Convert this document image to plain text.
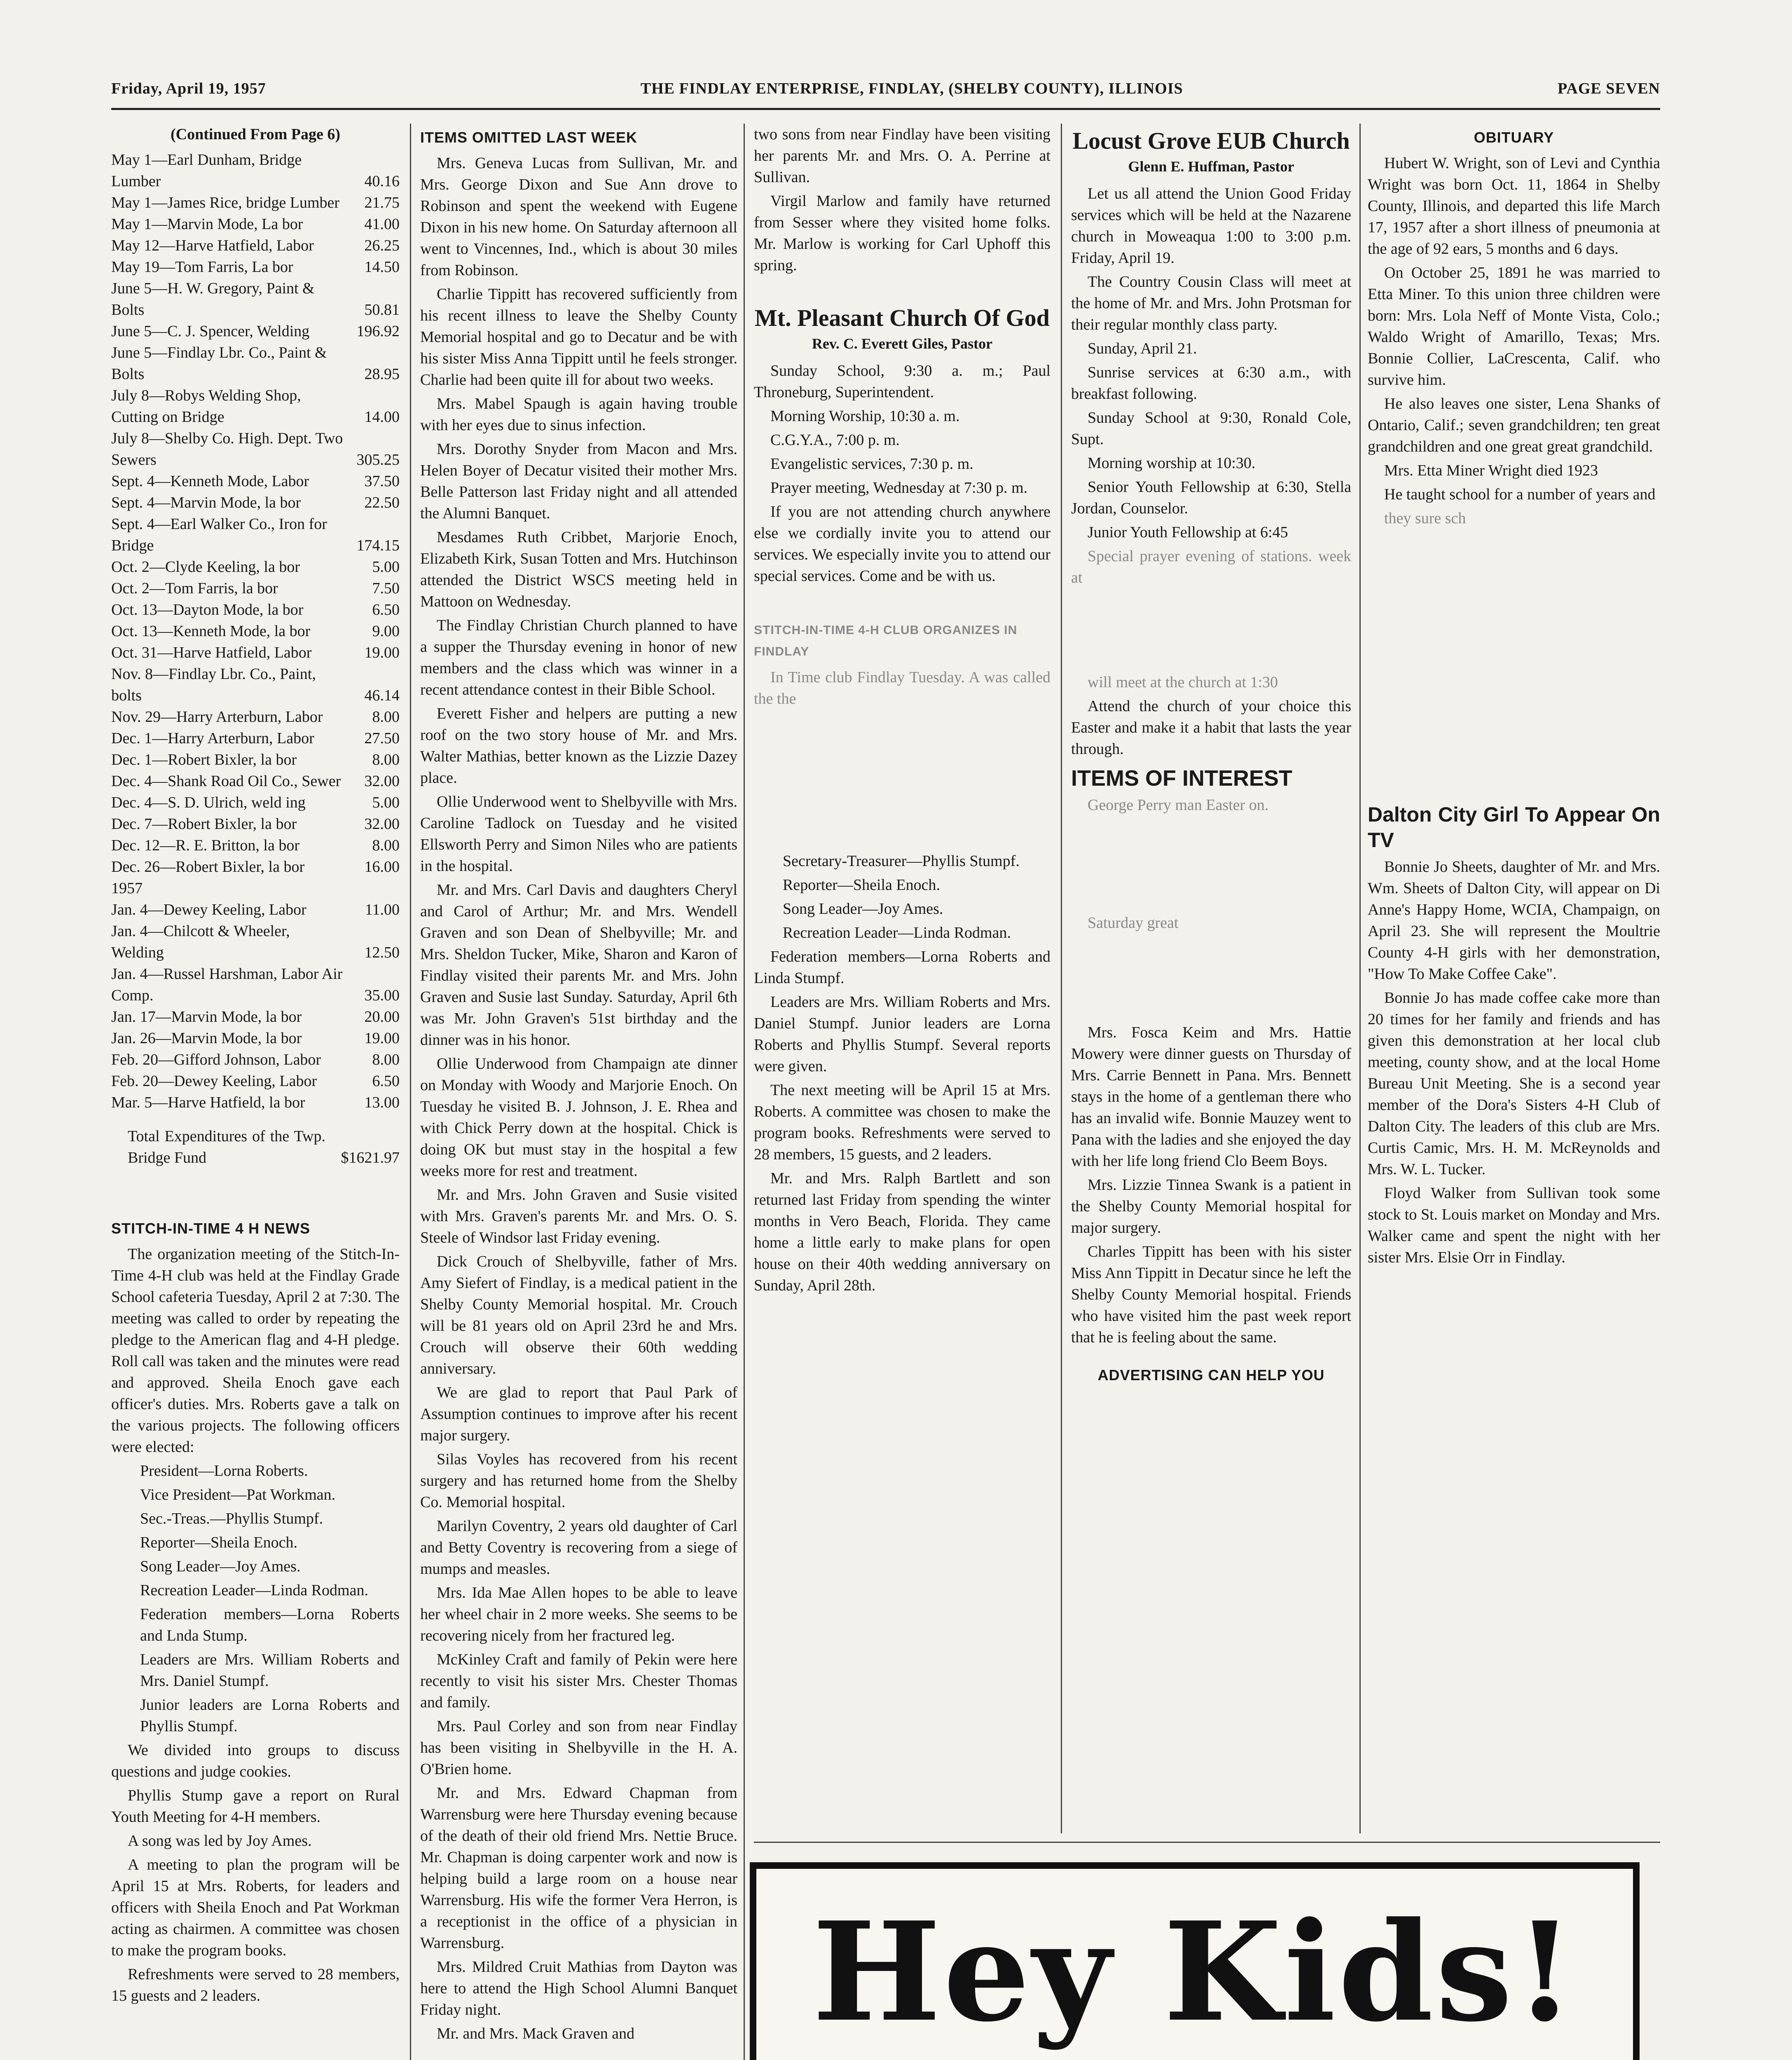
Friday, April 19, 1957	THE FINDLAY ENTERPRISE, FINDLAY, (SHELBY COUNTY), ILLINOIS	PAGE SEVEN
(Continued From Page 6)
May 1—Earl Dunham, Bridge Lumber	40.16
May 1—James Rice, bridge Lumber	21.75
May 1—Marvin Mode, La bor	41.00
May 12—Harve Hatfield, Labor	26.25
May 19—Tom Farris, La bor	14.50
June 5—H. W. Gregory, Paint & Bolts	50.81
June 5—C. J. Spencer, Welding	196.92
June 5—Findlay Lbr. Co., Paint & Bolts	28.95
July 8—Robys Welding Shop, Cutting on Bridge	14.00
July 8—Shelby Co. High. Dept. Two Sewers	305.25
Sept. 4—Kenneth Mode, Labor	37.50
Sept. 4—Marvin Mode, la bor	22.50
Sept. 4—Earl Walker Co., Iron for Bridge	174.15
Oct. 2—Clyde Keeling, la bor	5.00
Oct. 2—Tom Farris, la bor	7.50
Oct. 13—Dayton Mode, la bor	6.50
Oct. 13—Kenneth Mode, la bor	9.00
Oct. 31—Harve Hatfield, Labor	19.00
Nov. 8—Findlay Lbr. Co., Paint, bolts	46.14
Nov. 29—Harry Arterburn, Labor	8.00
Dec. 1—Harry Arterburn, Labor	27.50
Dec. 1—Robert Bixler, la bor	8.00
Dec. 4—Shank Road Oil Co., Sewer	32.00
Dec. 4—S. D. Ulrich, weld ing	5.00
Dec. 7—Robert Bixler, la bor	32.00
Dec. 12—R. E. Britton, la bor	8.00
Dec. 26—Robert Bixler, la bor	16.00
1957
Jan. 4—Dewey Keeling, Labor	11.00
Jan. 4—Chilcott & Wheeler, Welding	12.50
Jan. 4—Russel Harshman, Labor Air Comp.	35.00
Jan. 17—Marvin Mode, la bor	20.00
Jan. 26—Marvin Mode, la bor	19.00
Feb. 20—Gifford Johnson, Labor	8.00
Feb. 20—Dewey Keeling, Labor	6.50
Mar. 5—Harve Hatfield, la bor	13.00
Total Expenditures of the Twp. Bridge Fund	$1621.97
STITCH-IN-TIME 4 H NEWS

The organization meeting of the Stitch-In-Time 4-H club was held at the Findlay Grade School cafeteria Tuesday, April 2 at 7:30. The meeting was called to order by repeating the pledge to the American flag and 4-H pledge. Roll call was taken and the minutes were read and approved. Sheila Enoch gave each officer's duties. Mrs. Roberts gave a talk on the various projects. The following officers were elected:

President—Lorna Roberts.

Vice President—Pat Workman.

Sec.-Treas.—Phyllis Stumpf.

Reporter—Sheila Enoch.

Song Leader—Joy Ames.

Recreation Leader—Linda Rodman.

Federation members—Lorna Roberts and Lnda Stump.

Leaders are Mrs. William Roberts and Mrs. Daniel Stumpf.

Junior leaders are Lorna Roberts and Phyllis Stumpf.

We divided into groups to discuss questions and judge cookies.

Phyllis Stump gave a report on Rural Youth Meeting for 4-H members.

A song was led by Joy Ames.

A meeting to plan the program will be April 15 at Mrs. Roberts, for leaders and officers with Sheila Enoch and Pat Workman acting as chairmen. A committee was chosen to make the program books.

Refreshments were served to 28 members, 15 guests and 2 leaders.

ITEMS OMITTED LAST WEEK

Mrs. Geneva Lucas from Sullivan, Mr. and Mrs. George Dixon and Sue Ann drove to Robinson and spent the weekend with Eugene Dixon in his new home. On Saturday afternoon all went to Vincennes, Ind., which is about 30 miles from Robinson.

Charlie Tippitt has recovered sufficiently from his recent illness to leave the Shelby County Memorial hospital and go to Decatur and be with his sister Miss Anna Tippitt until he feels stronger. Charlie had been quite ill for about two weeks.

Mrs. Mabel Spaugh is again having trouble with her eyes due to sinus infection.

Mrs. Dorothy Snyder from Macon and Mrs. Helen Boyer of Decatur visited their mother Mrs. Belle Patterson last Friday night and all attended the Alumni Banquet.

Mesdames Ruth Cribbet, Marjorie Enoch, Elizabeth Kirk, Susan Totten and Mrs. Hutchinson attended the District WSCS meeting held in Mattoon on Wednesday.

The Findlay Christian Church planned to have a supper the Thursday evening in honor of new members and the class which was winner in a recent attendance contest in their Bible School.

Everett Fisher and helpers are putting a new roof on the two story house of Mr. and Mrs. Walter Mathias, better known as the Lizzie Dazey place.

Ollie Underwood went to Shelbyville with Mrs. Caroline Tadlock on Tuesday and he visited Ellsworth Perry and Simon Niles who are patients in the hospital.

Mr. and Mrs. Carl Davis and daughters Cheryl and Carol of Arthur; Mr. and Mrs. Wendell Graven and son Dean of Shelbyville; Mr. and Mrs. Sheldon Tucker, Mike, Sharon and Karon of Findlay visited their parents Mr. and Mrs. John Graven and Susie last Sunday. Saturday, April 6th was Mr. John Graven's 51st birthday and the dinner was in his honor.

Ollie Underwood from Champaign ate dinner on Monday with Woody and Marjorie Enoch. On Tuesday he visited B. J. Johnson, J. E. Rhea and with Chick Perry down at the hospital. Chick is doing OK but must stay in the hospital a few weeks more for rest and treatment.

Mr. and Mrs. John Graven and Susie visited with Mrs. Graven's parents Mr. and Mrs. O. S. Steele of Windsor last Friday evening.

Dick Crouch of Shelbyville, father of Mrs. Amy Siefert of Findlay, is a medical patient in the Shelby County Memorial hospital. Mr. Crouch will be 81 years old on April 23rd he and Mrs. Crouch will observe their 60th wedding anniversary.

We are glad to report that Paul Park of Assumption continues to improve after his recent major surgery.

Silas Voyles has recovered from his recent surgery and has returned home from the Shelby Co. Memorial hospital.

Marilyn Coventry, 2 years old daughter of Carl and Betty Coventry is recovering from a siege of mumps and measles.

Mrs. Ida Mae Allen hopes to be able to leave her wheel chair in 2 more weeks. She seems to be recovering nicely from her fractured leg.

McKinley Craft and family of Pekin were here recently to visit his sister Mrs. Chester Thomas and family.

Mrs. Paul Corley and son from near Findlay has been visiting in Shelbyville in the H. A. O'Brien home.

Mr. and Mrs. Edward Chapman from Warrensburg were here Thursday evening because of the death of their old friend Mrs. Nettie Bruce. Mr. Chapman is doing carpenter work and now is helping build a large room on a house near Warrensburg. His wife the former Vera Herron, is a receptionist in the office of a physician in Warrensburg.

Mrs. Mildred Cruit Mathias from Dayton was here to attend the High School Alumni Banquet Friday night.

Mr. and Mrs. Mack Graven and

two sons from near Findlay have been visiting her parents Mr. and Mrs. O. A. Perrine at Sullivan.

Virgil Marlow and family have returned from Sesser where they visited home folks. Mr. Marlow is working for Carl Uphoff this spring.

Mt. Pleasant Church Of God
Rev. C. Everett Giles, Pastor

Sunday School, 9:30 a. m.; Paul Throneburg, Superintendent.

Morning Worship, 10:30 a. m.

C.G.Y.A., 7:00 p. m.

Evangelistic services, 7:30 p. m.

Prayer meeting, Wednesday at 7:30 p. m.

If you are not attending church anywhere else we cordially invite you to attend our services. We especially invite you to attend our special services. Come and be with us.

STITCH-IN-TIME 4-H CLUB ORGANIZES IN FINDLAY

In Time club Findlay Tuesday. A was called the the

Secretary-Treasurer—Phyllis Stumpf.

Reporter—Sheila Enoch.

Song Leader—Joy Ames.

Recreation Leader—Linda Rodman.

Federation members—Lorna Roberts and Linda Stumpf.

Leaders are Mrs. William Roberts and Mrs. Daniel Stumpf. Junior leaders are Lorna Roberts and Phyllis Stumpf. Several reports were given.

The next meeting will be April 15 at Mrs. Roberts. A committee was chosen to make the program books. Refreshments were served to 28 members, 15 guests, and 2 leaders.

Mr. and Mrs. Ralph Bartlett and son returned last Friday from spending the winter months in Vero Beach, Florida. They came home a little early to make plans for open house on their 40th wedding anniversary on Sunday, April 28th.

Locust Grove EUB Church
Glenn E. Huffman, Pastor

Let us all attend the Union Good Friday services which will be held at the Nazarene church in Moweaqua 1:00 to 3:00 p.m. Friday, April 19.

The Country Cousin Class will meet at the home of Mr. and Mrs. John Protsman for their regular monthly class party.

Sunday, April 21.

Sunrise services at 6:30 a.m., with breakfast following.

Sunday School at 9:30, Ronald Cole, Supt.

Morning worship at 10:30.

Senior Youth Fellowship at 6:30, Stella Jordan, Counselor.

Junior Youth Fellowship at 6:45

Special prayer evening of stations. week at

will meet at the church at 1:30

Attend the church of your choice this Easter and make it a habit that lasts the year through.

ITEMS OF INTEREST

George Perry man Easter on.

Saturday great

Mrs. Fosca Keim and Mrs. Hattie Mowery were dinner guests on Thursday of Mrs. Carrie Bennett in Pana. Mrs. Bennett stays in the home of a gentleman there who has an invalid wife. Bonnie Mauzey went to Pana with the ladies and she enjoyed the day with her life long friend Clo Beem Boys.

Mrs. Lizzie Tinnea Swank is a patient in the Shelby County Memorial hospital for major surgery.

Charles Tippitt has been with his sister Miss Ann Tippitt in Decatur since he left the Shelby County Memorial hospital. Friends who have visited him the past week report that he is feeling about the same.

ADVERTISING CAN HELP YOU
OBITUARY

Hubert W. Wright, son of Levi and Cynthia Wright was born Oct. 11, 1864 in Shelby County, Illinois, and departed this life March 17, 1957 after a short illness of pneumonia at the age of 92 ears, 5 months and 6 days.

On October 25, 1891 he was married to Etta Miner. To this union three children were born: Mrs. Lola Neff of Monte Vista, Colo.; Waldo Wright of Amarillo, Texas; Mrs. Bonnie Collier, LaCrescenta, Calif. who survive him.

He also leaves one sister, Lena Shanks of Ontario, Calif.; seven grandchildren; ten great grandchildren and one great great grandchild.

Mrs. Etta Miner Wright died 1923

He taught school for a number of years and

they sure sch

Dalton City Girl To Appear On TV

Bonnie Jo Sheets, daughter of Mr. and Mrs. Wm. Sheets of Dalton City, will appear on Di Anne's Happy Home, WCIA, Champaign, on April 23. She will represent the Moultrie County 4-H girls with her demonstration, "How To Make Coffee Cake".

Bonnie Jo has made coffee cake more than 20 times for her family and friends and has given this demonstration at her local club meeting, county show, and at the local Home Bureau Unit Meeting. She is a second year member of the Dora's Sisters 4-H Club of Dalton City. The leaders of this club are Mrs. Curtis Camic, Mrs. H. M. McReynolds and Mrs. W. L. Tucker.

Floyd Walker from Sullivan took some stock to St. Louis market on Monday and Mrs. Walker came and spent the night with her sister Mrs. Elsie Orr in Findlay.

Hey Kids!
